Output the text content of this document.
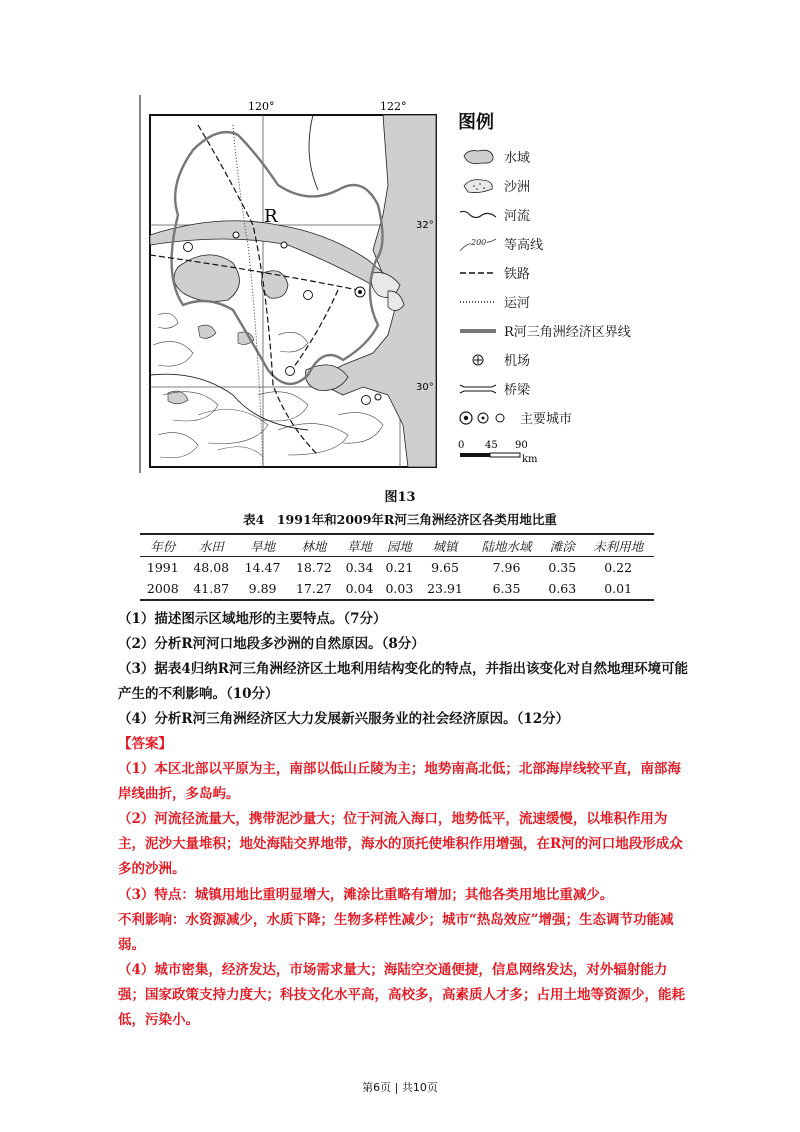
120°	122°
32°
30°
R
图例
水域
沙洲
河流
200 等高线
铁路
运河
R河三角洲经济区界线
机场
桥梁
主要城市
0 45 90
km
图13
表4　1991年和2009年R河三角洲经济区各类用地比重
年份	水田	旱地	林地	草地	园地	城镇	陆地水域	滩涂	未利用地
1991	48.08	14.47	18.72	0.34	0.21	9.65	7.96	0.35	0.22
2008	41.87	9.89	17.27	0.04	0.03	23.91	6.35	0.63	0.01
（1）描述图示区域地形的主要特点。（7分）
（2）分析R河河口地段多沙洲的自然原因。（8分）
（3）据表4归纳R河三角洲经济区土地利用结构变化的特点，并指出该变化对自然地理环境可能产生的不利影响。（10分）
（4）分析R河三角洲经济区大力发展新兴服务业的社会经济原因。（12分）
【答案】
（1）本区北部以平原为主，南部以低山丘陵为主；地势南高北低；北部海岸线较平直，南部海岸线曲折，多岛屿。
（2）河流径流量大，携带泥沙量大；位于河流入海口，地势低平，流速缓慢，以堆积作用为主，泥沙大量堆积；地处海陆交界地带，海水的顶托使堆积作用增强，在R河的河口地段形成众多的沙洲。
（3）特点：城镇用地比重明显增大，滩涂比重略有增加；其他各类用地比重减少。
不利影响：水资源减少，水质下降；生物多样性减少；城市“热岛效应”增强；生态调节功能减弱。
（4）城市密集，经济发达，市场需求量大；海陆空交通便捷，信息网络发达，对外辐射能力强；国家政策支持力度大；科技文化水平高，高校多，高素质人才多；占用土地等资源少，能耗低，污染小。
第6页 | 共10页
